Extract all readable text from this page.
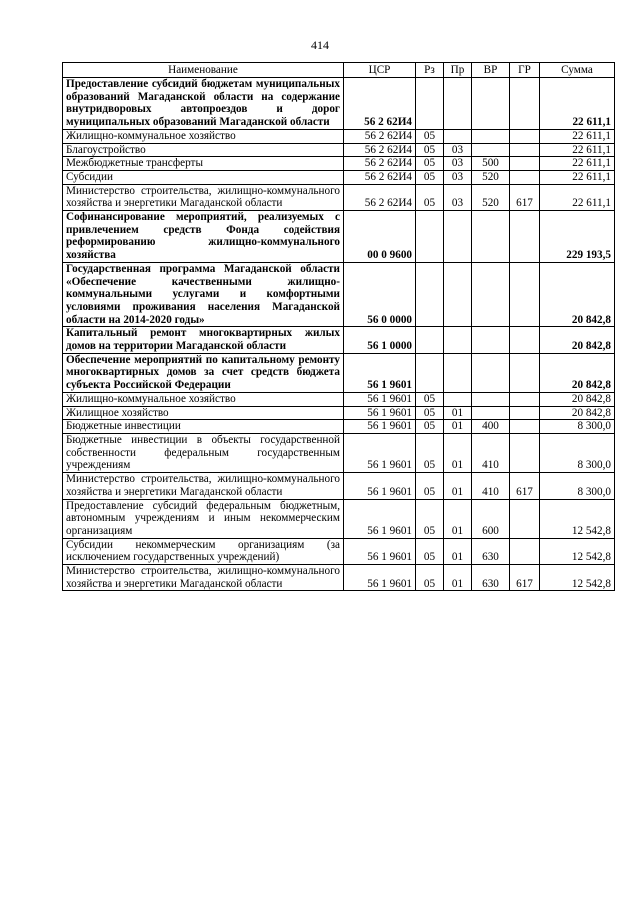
414
Наименование	ЦСР	Рз	Пр	ВР	ГР	Сумма
Предоставление субсидий бюджетам муниципальных образований Магаданской области на содержание внутридворовых автопроездов и дорог муниципальных образований Магаданской области	56 2 62И4					22 611,1
Жилищно-коммунальное хозяйство	56 2 62И4	05				22 611,1
Благоустройство	56 2 62И4	05	03			22 611,1
Межбюджетные трансферты	56 2 62И4	05	03	500		22 611,1
Субсидии	56 2 62И4	05	03	520		22 611,1
Министерство строительства, жилищно-коммунального хозяйства и энергетики Магаданской области	56 2 62И4	05	03	520	617	22 611,1
Софинансирование мероприятий, реализуемых с привлечением средств Фонда содействия реформированию жилищно-коммунального хозяйства	00 0 9600					229 193,5
Государственная программа Магаданской области «Обеспечение качественными жилищно-коммунальными услугами и комфортными условиями проживания населения Магаданской области на 2014-2020 годы»	56 0 0000					20 842,8
Капитальный ремонт многоквартирных жилых домов на территории Магаданской области	56 1 0000					20 842,8
Обеспечение мероприятий по капитальному ремонту многоквартирных домов за счет средств бюджета субъекта Российской Федерации	56 1 9601					20 842,8
Жилищно-коммунальное хозяйство	56 1 9601	05				20 842,8
Жилищное хозяйство	56 1 9601	05	01			20 842,8
Бюджетные инвестиции	56 1 9601	05	01	400		8 300,0
Бюджетные инвестиции в объекты государственной собственности федеральным государственным учреждениям	56 1 9601	05	01	410		8 300,0
Министерство строительства, жилищно-коммунального хозяйства и энергетики Магаданской области	56 1 9601	05	01	410	617	8 300,0
Предоставление субсидий федеральным бюджетным, автономным учреждениям и иным некоммерческим организациям	56 1 9601	05	01	600		12 542,8
Субсидии некоммерческим организациям (за исключением государственных учреждений)	56 1 9601	05	01	630		12 542,8
Министерство строительства, жилищно-коммунального хозяйства и энергетики Магаданской области	56 1 9601	05	01	630	617	12 542,8
